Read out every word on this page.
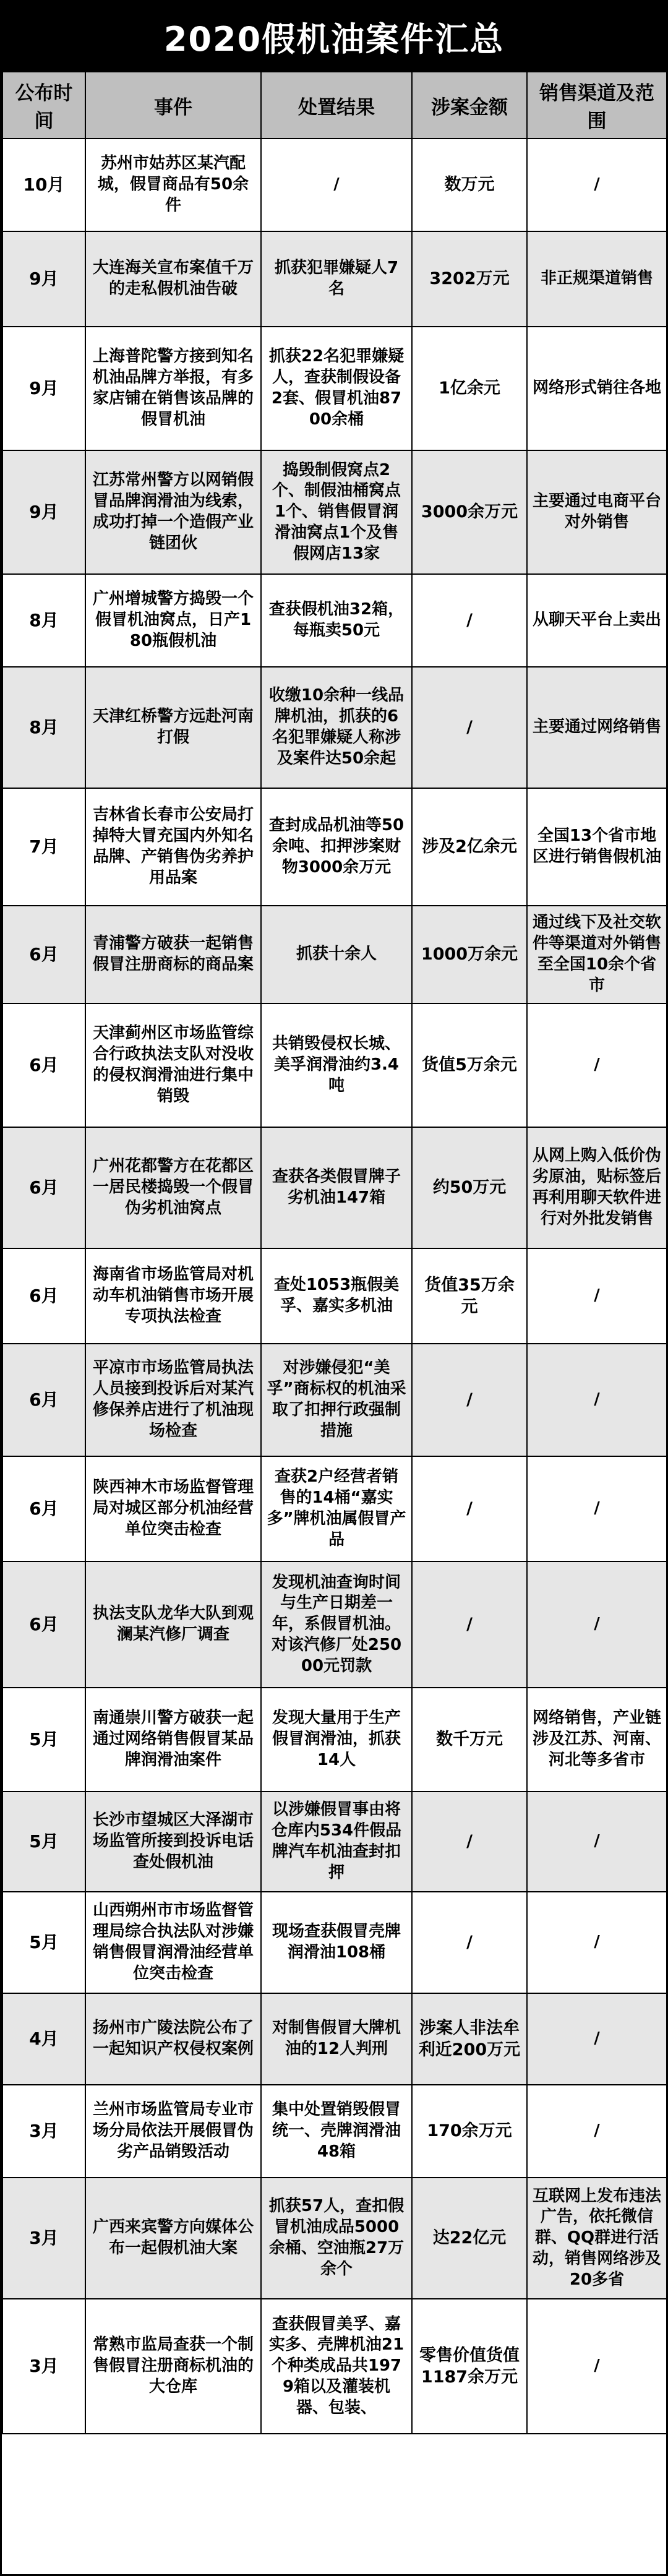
2020假机油案件汇总
公布时间	事件	处置结果	涉案金额	销售渠道及范围
10月	苏州市姑苏区某汽配城，假冒商品有50余件	/	数万元	/
9月	大连海关宣布案值千万的走私假机油告破	抓获犯罪嫌疑人7名	3202万元	非正规渠道销售
9月	上海普陀警方接到知名机油品牌方举报，有多家店铺在销售该品牌的假冒机油	抓获22名犯罪嫌疑人，查获制假设备2套、假冒机油8700余桶	1亿余元	网络形式销往各地
9月	江苏常州警方以网销假冒品牌润滑油为线索，成功打掉一个造假产业链团伙	捣毁制假窝点2个、制假油桶窝点1个、销售假冒润滑油窝点1个及售假网店13家	3000余万元	主要通过电商平台对外销售
8月	广州增城警方捣毁一个假冒机油窝点，日产180瓶假机油	查获假机油32箱，每瓶卖50元	/	从聊天平台上卖出
8月	天津红桥警方远赴河南打假	收缴10余种一线品牌机油，抓获的6名犯罪嫌疑人称涉及案件达50余起	/	主要通过网络销售
7月	吉林省长春市公安局打掉特大冒充国内外知名品牌、产销售伪劣养护用品案	查封成品机油等50余吨、扣押涉案财物3000余万元	涉及2亿余元	全国13个省市地区进行销售假机油
6月	青浦警方破获一起销售假冒注册商标的商品案	抓获十余人	1000万余元	通过线下及社交软件等渠道对外销售至全国10余个省市
6月	天津蓟州区市场监管综合行政执法支队对没收的侵权润滑油进行集中销毁	共销毁侵权长城、美孚润滑油约3.4吨	货值5万余元	/
6月	广州花都警方在花都区一居民楼捣毁一个假冒伪劣机油窝点	查获各类假冒牌子劣机油147箱	约50万元	从网上购入低价伪劣原油，贴标签后再利用聊天软件进行对外批发销售
6月	海南省市场监管局对机动车机油销售市场开展专项执法检查	查处1053瓶假美孚、嘉实多机油	货值35万余元	/
6月	平凉市市场监管局执法人员接到投诉后对某汽修保养店进行了机油现场检查	对涉嫌侵犯“美孚”商标权的机油采取了扣押行政强制措施	/	/
6月	陕西神木市场监督管理局对城区部分机油经营单位突击检查	查获2户经营者销售的14桶“嘉实多”牌机油属假冒产品	/	/
6月	执法支队龙华大队到观澜某汽修厂调查	发现机油查询时间与生产日期差一年，系假冒机油。对该汽修厂处25000元罚款	/	/
5月	南通崇川警方破获一起通过网络销售假冒某品牌润滑油案件	发现大量用于生产假冒润滑油，抓获14人	数千万元	网络销售，产业链涉及江苏、河南、河北等多省市
5月	长沙市望城区大泽湖市场监管所接到投诉电话查处假机油	以涉嫌假冒事由将仓库内534件假品牌汽车机油查封扣押	/	/
5月	山西朔州市市场监督管理局综合执法队对涉嫌销售假冒润滑油经营单位突击检查	现场查获假冒壳牌润滑油108桶	/	/
4月	扬州市广陵法院公布了一起知识产权侵权案例	对制售假冒大牌机油的12人判刑	涉案人非法牟利近200万元	/
3月	兰州市场监管局专业市场分局依法开展假冒伪劣产品销毁活动	集中处置销毁假冒统一、壳牌润滑油48箱	170余万元	/
3月	广西来宾警方向媒体公布一起假机油大案	抓获57人，查扣假冒机油成品5000余桶、空油瓶27万余个	达22亿元	互联网上发布违法广告，依托微信群、QQ群进行活动，销售网络涉及20多省
3月	常熟市监局查获一个制售假冒注册商标机油的大仓库	查获假冒美孚、嘉实多、壳牌机油21个种类成品共1979箱以及灌装机器、包装、	零售价值货值1187余万元	/
